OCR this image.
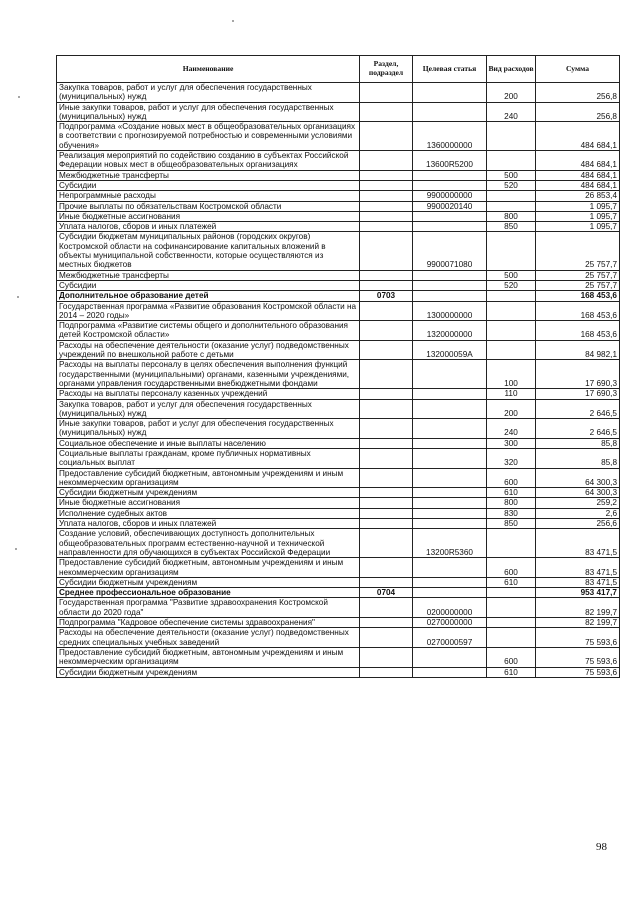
Наименование	Раздел, подраздел	Целевая статья	Вид расходов	Сумма
Закупка товаров, работ и услуг для обеспечения государственных (муниципальных) нужд			200	256,8
Иные закупки товаров, работ и услуг для обеспечения государственных (муниципальных) нужд			240	256,8
Подпрограмма «Создание новых мест в общеобразовательных организациях в соответствии с прогнозируемой потребностью и современными условиями обучения»		1360000000		484 684,1
Реализация мероприятий по содействию созданию в субъектах Российской Федерации новых мест в общеобразовательных организациях		13600R5200		484 684,1
Межбюджетные трансферты			500	484 684,1
Субсидии			520	484 684,1
Непрограммные расходы		9900000000		26 853,4
Прочие выплаты по обязательствам Костромской области		9900020140		1 095,7
Иные бюджетные ассигнования			800	1 095,7
Уплата налогов, сборов и иных платежей			850	1 095,7
Субсидии бюджетам муниципальных районов (городских округов) Костромской области на софинансирование капитальных вложений в объекты муниципальной собственности, которые осуществляются из местных бюджетов		9900071080		25 757,7
Межбюджетные трансферты			500	25 757,7
Субсидии			520	25 757,7
Дополнительное образование детей	0703			168 453,6
Государственная программа «Развитие образования Костромской области на 2014 – 2020 годы»		1300000000		168 453,6
Подпрограмма «Развитие системы общего и дополнительного образования детей Костромской области»		1320000000		168 453,6
Расходы на обеспечение деятельности (оказание услуг) подведомственных учреждений по внешкольной работе с детьми		132000059А		84 982,1
Расходы на выплаты персоналу в целях обеспечения выполнения функций государственными (муниципальными) органами, казенными учреждениями, органами управления государственными внебюджетными фондами			100	17 690,3
Расходы на выплаты персоналу казенных учреждений			110	17 690,3
Закупка товаров, работ и услуг для обеспечения государственных (муниципальных) нужд			200	2 646,5
Иные закупки товаров, работ и услуг для обеспечения государственных (муниципальных) нужд			240	2 646,5
Социальное обеспечение и иные выплаты населению			300	85,8
Социальные выплаты гражданам, кроме публичных нормативных социальных выплат			320	85,8
Предоставление субсидий бюджетным, автономным учреждениям и иным некоммерческим организациям			600	64 300,3
Субсидии бюджетным учреждениям			610	64 300,3
Иные бюджетные ассигнования			800	259,2
Исполнение судебных актов			830	2,6
Уплата налогов, сборов и иных платежей			850	256,6
Создание условий, обеспечивающих доступность дополнительных общеобразовательных программ естественно-научной и технической направленности для обучающихся в субъектах Российской Федерации		13200R5360		83 471,5
Предоставление субсидий бюджетным, автономным учреждениям и иным некоммерческим организациям			600	83 471,5
Субсидии бюджетным учреждениям			610	83 471,5
Среднее профессиональное образование	0704			953 417,7
Государственная программа "Развитие здравоохранения Костромской области до 2020 года"		0200000000		82 199,7
Подпрограмма "Кадровое обеспечение системы здравоохранения"		0270000000		82 199,7
Расходы на обеспечение деятельности (оказание услуг) подведомственных средних специальных учебных заведений		0270000597		75 593,6
Предоставление субсидий бюджетным, автономным учреждениям и иным некоммерческим организациям			600	75 593,6
Субсидии бюджетным учреждениям			610	75 593,6
98
